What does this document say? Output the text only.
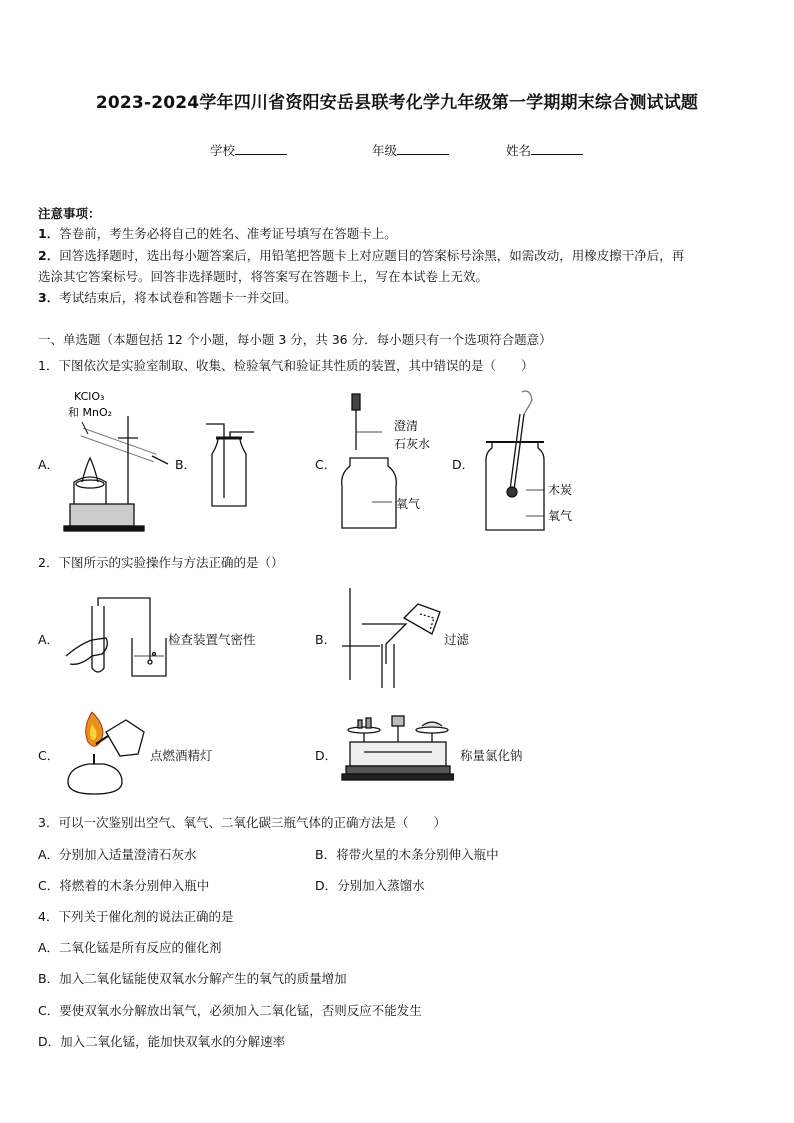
2023-2024学年四川省资阳安岳县联考化学九年级第一学期期末综合测试试题
学校	年级	姓名
注意事项：
1．答卷前，考生务必将自己的姓名、准考证号填写在答题卡上。
2．回答选择题时，选出每小题答案后，用铅笔把答题卡上对应题目的答案标号涂黑，如需改动，用橡皮擦干净后，再
选涂其它答案标号。回答非选择题时，将答案写在答题卡上，写在本试卷上无效。
3．考试结束后，将本试卷和答题卡一并交回。
一、单选题（本题包括 12 个小题，每小题 3 分，共 36 分．每小题只有一个选项符合题意）
1．下图依次是实验室制取、收集、检验氧气和验证其性质的装置，其中错误的是（　　）
A．
KClO₃
和 MnO₂
B．	C．
澄清
石灰水
氧气
D．
木炭
氧气
2．下图所示的实验操作与方法正确的是（）
A．	检查装置气密性	B．	过滤
C．	点燃酒精灯	D．	称量氯化钠
3．可以一次鉴别出空气、氧气、二氧化碳三瓶气体的正确方法是（　　）
A．分别加入适量澄清石灰水	B．将带火星的木条分别伸入瓶中
C．将燃着的木条分别伸入瓶中	D．分别加入蒸馏水
4．下列关于催化剂的说法正确的是
A．二氧化锰是所有反应的催化剂
B．加入二氧化锰能使双氧水分解产生的氧气的质量增加
C．要使双氧水分解放出氧气，必须加入二氧化锰，否则反应不能发生
D．加入二氧化锰，能加快双氧水的分解速率
